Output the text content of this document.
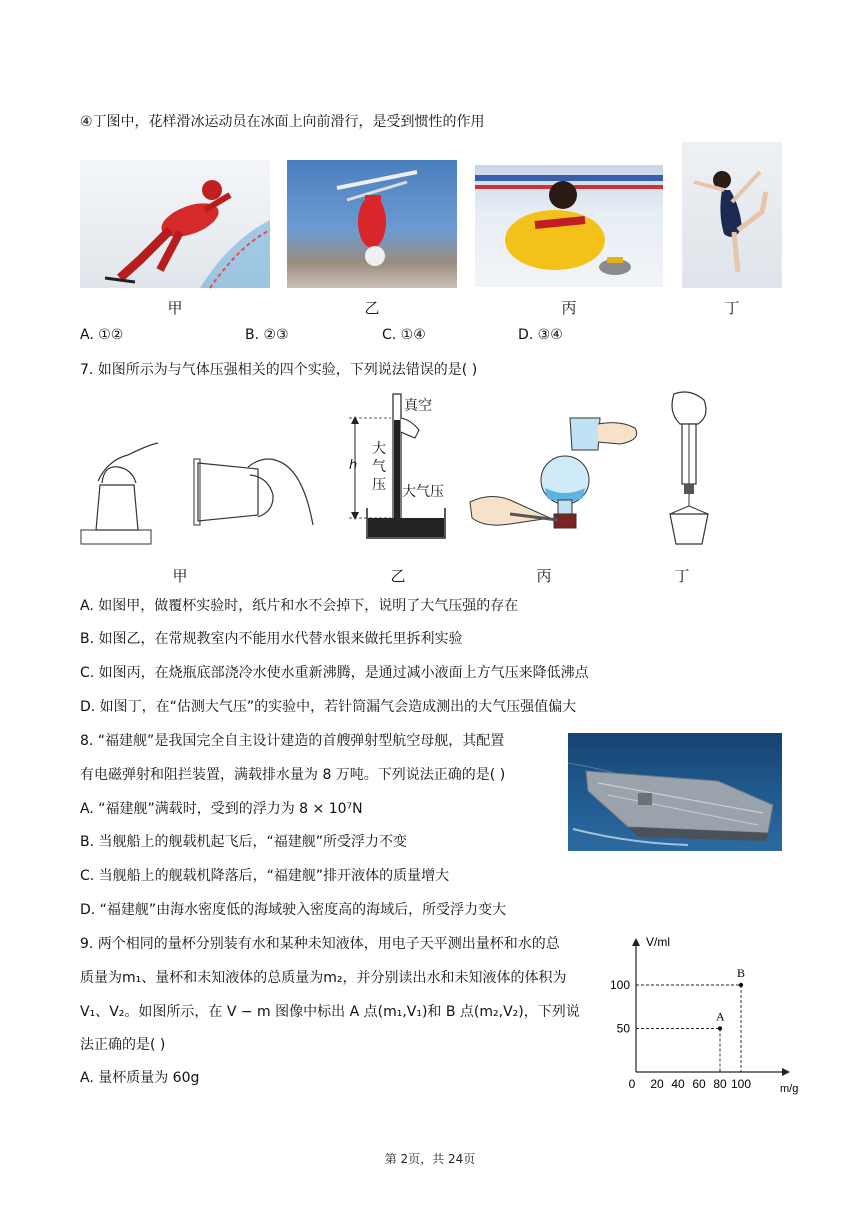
④丁图中，花样滑冰运动员在冰面上向前滑行，是受到惯性的作用
甲	乙	丙	丁
A. ①②	B. ②③	C. ①④	D. ③④
7. 如图所示为与气体压强相关的四个实验，下列说法错误的是( )
真空
h
大
气
压 大气压
甲	乙	丙	丁
A. 如图甲，做覆杯实验时，纸片和水不会掉下，说明了大气压强的存在
B. 如图乙，在常规教室内不能用水代替水银来做托里拆利实验
C. 如图丙，在烧瓶底部浇冷水使水重新沸腾，是通过减小液面上方气压来降低沸点
D. 如图丁，在“估测大气压”的实验中，若针筒漏气会造成测出的大气压强值偏大
8. “福建舰”是我国完全自主设计建造的首艘弹射型航空母舰，其配置
有电磁弹射和阻拦装置，满载排水量为 8 万吨。下列说法正确的是( )
A. “福建舰”满载时，受到的浮力为 8 × 10⁷N
B. 当舰船上的舰载机起飞后，“福建舰”所受浮力不变
C. 当舰船上的舰载机降落后，“福建舰”排开液体的质量增大
D. “福建舰”由海水密度低的海域驶入密度高的海域后，所受浮力变大
9. 两个相同的量杯分别装有水和某种未知液体，用电子天平测出量杯和水的总
质量为m₁、量杯和未知液体的总质量为m₂，并分别读出水和未知液体的体积为
V₁、V₂。如图所示，在 V − m 图像中标出 A 点(m₁,V₁)和 B 点(m₂,V₂)，下列说
法正确的是( )
A. 量杯质量为 60g
V/ml
m/g
0 20 40 60 80 100
50
100
A
B
第 2页，共 24页
